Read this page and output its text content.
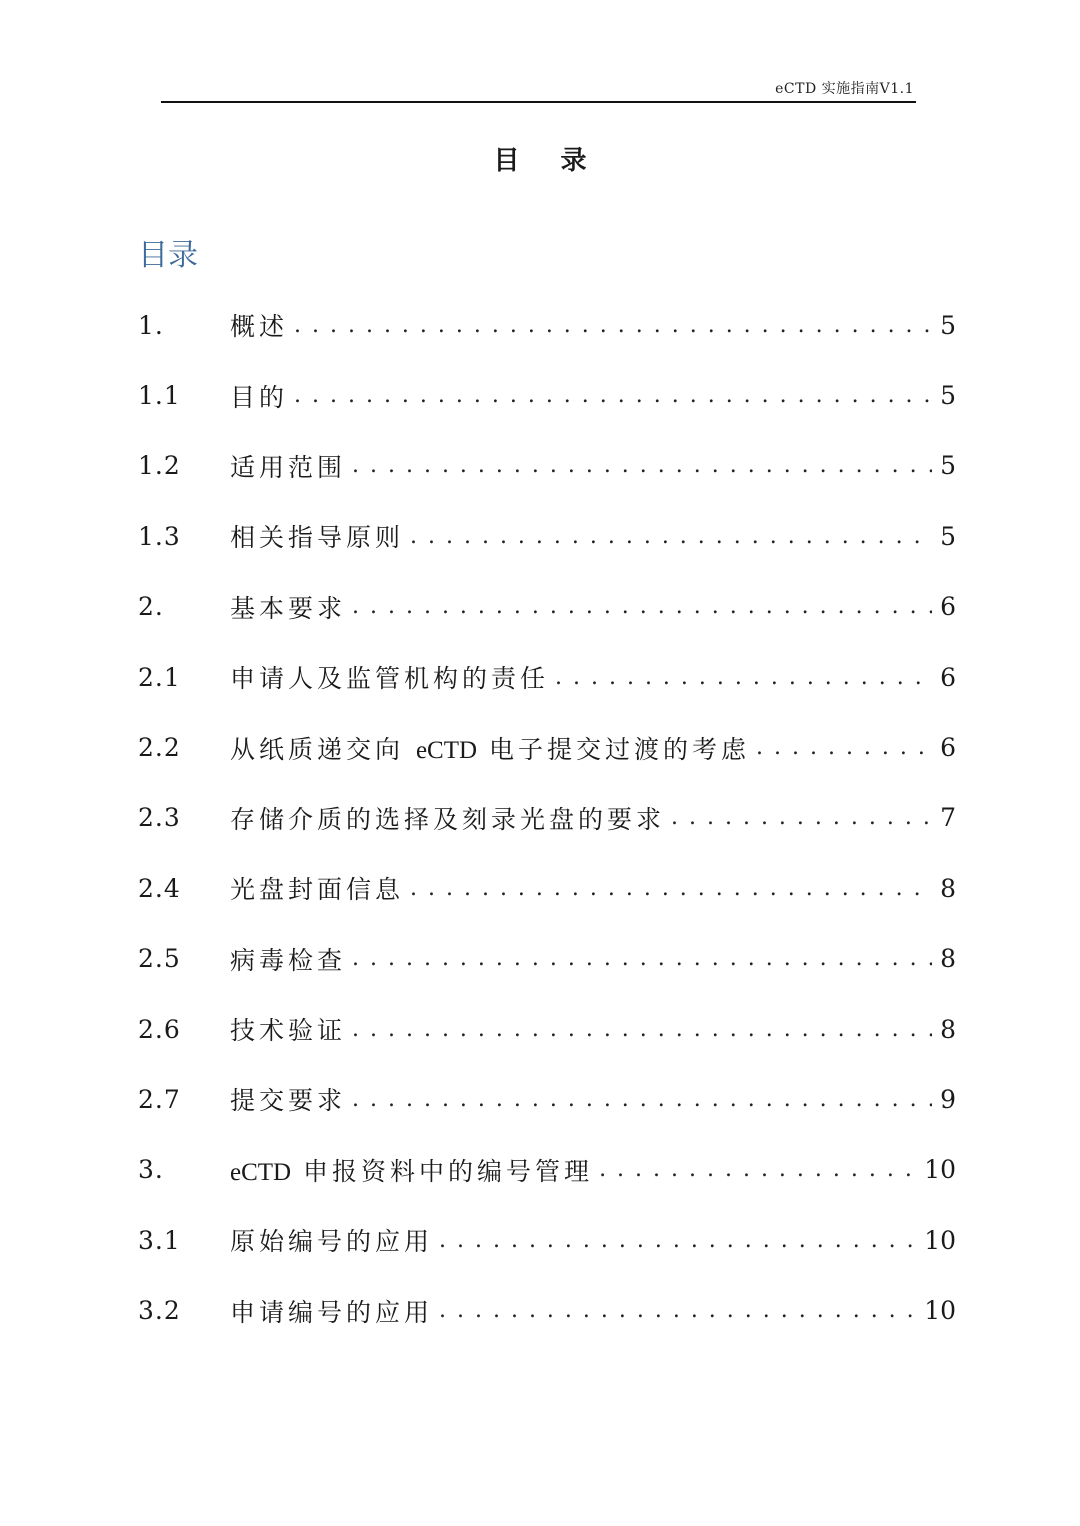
eCTD 实施指南V1.1
目 录
目录
1.	概述 . . .	5
1.1	目的 . . .	5
1.2	适用范围 . . .	5
1.3	相关指导原则 . . .	5
2.	基本要求 . . .	6
2.1	申请人及监管机构的责任 . . .	6
2.2	从纸质递交向 eCTD 电子提交过渡的考虑 . . .	6
2.3	存储介质的选择及刻录光盘的要求 . . .	7
2.4	光盘封面信息 . . .	8
2.5	病毒检查 . . .	8
2.6	技术验证 . . .	8
2.7	提交要求 . . .	9
3.	eCTD 申报资料中的编号管理 . . .	10
3.1	原始编号的应用 . . .	10
3.2	申请编号的应用 . . .	10
